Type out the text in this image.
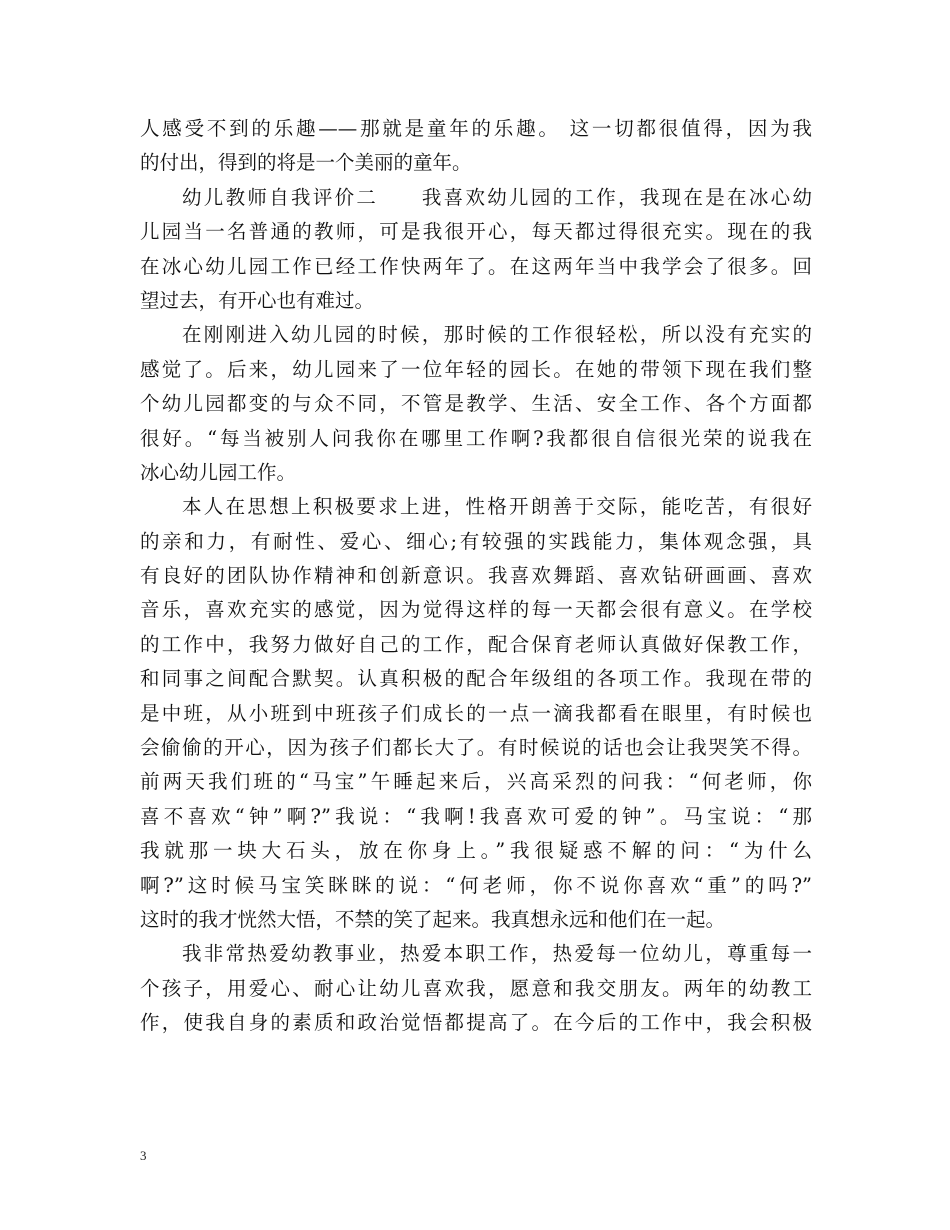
人感受不到的乐趣——那就是童年的乐趣。 这一切都很值得，因为我
的付出，得到的将是一个美丽的童年。
幼儿教师自我评价二　　我喜欢幼儿园的工作，我现在是在冰心幼
儿园当一名普通的教师，可是我很开心，每天都过得很充实。现在的我
在冰心幼儿园工作已经工作快两年了。在这两年当中我学会了很多。回
望过去，有开心也有难过。
在刚刚进入幼儿园的时候，那时候的工作很轻松，所以没有充实的
感觉了。后来，幼儿园来了一位年轻的园长。在她的带领下现在我们整
个幼儿园都变的与众不同，不管是教学、生活、安全工作、各个方面都
很好。“每当被别人问我你在哪里工作啊?我都很自信很光荣的说我在
冰心幼儿园工作。
本人在思想上积极要求上进，性格开朗善于交际，能吃苦，有很好
的亲和力，有耐性、爱心、细心;有较强的实践能力，集体观念强，具
有良好的团队协作精神和创新意识。我喜欢舞蹈、喜欢钻研画画、喜欢
音乐，喜欢充实的感觉，因为觉得这样的每一天都会很有意义。在学校
的工作中，我努力做好自己的工作，配合保育老师认真做好保教工作，
和同事之间配合默契。认真积极的配合年级组的各项工作。我现在带的
是中班，从小班到中班孩子们成长的一点一滴我都看在眼里，有时候也
会偷偷的开心，因为孩子们都长大了。有时候说的话也会让我哭笑不得。
前两天我们班的“马宝”午睡起来后，兴高采烈的问我：“何老师，你
喜不喜欢“钟”啊?”我说：“我啊!我喜欢可爱的钟”。马宝说：“那
我就那一块大石头，放在你身上。”我很疑惑不解的问：“为什么
啊?”这时候马宝笑眯眯的说：“何老师，你不说你喜欢“重”的吗?”
这时的我才恍然大悟，不禁的笑了起来。我真想永远和他们在一起。
我非常热爱幼教事业，热爱本职工作，热爱每一位幼儿，尊重每一
个孩子，用爱心、耐心让幼儿喜欢我，愿意和我交朋友。两年的幼教工
作，使我自身的素质和政治觉悟都提高了。在今后的工作中，我会积极
3
